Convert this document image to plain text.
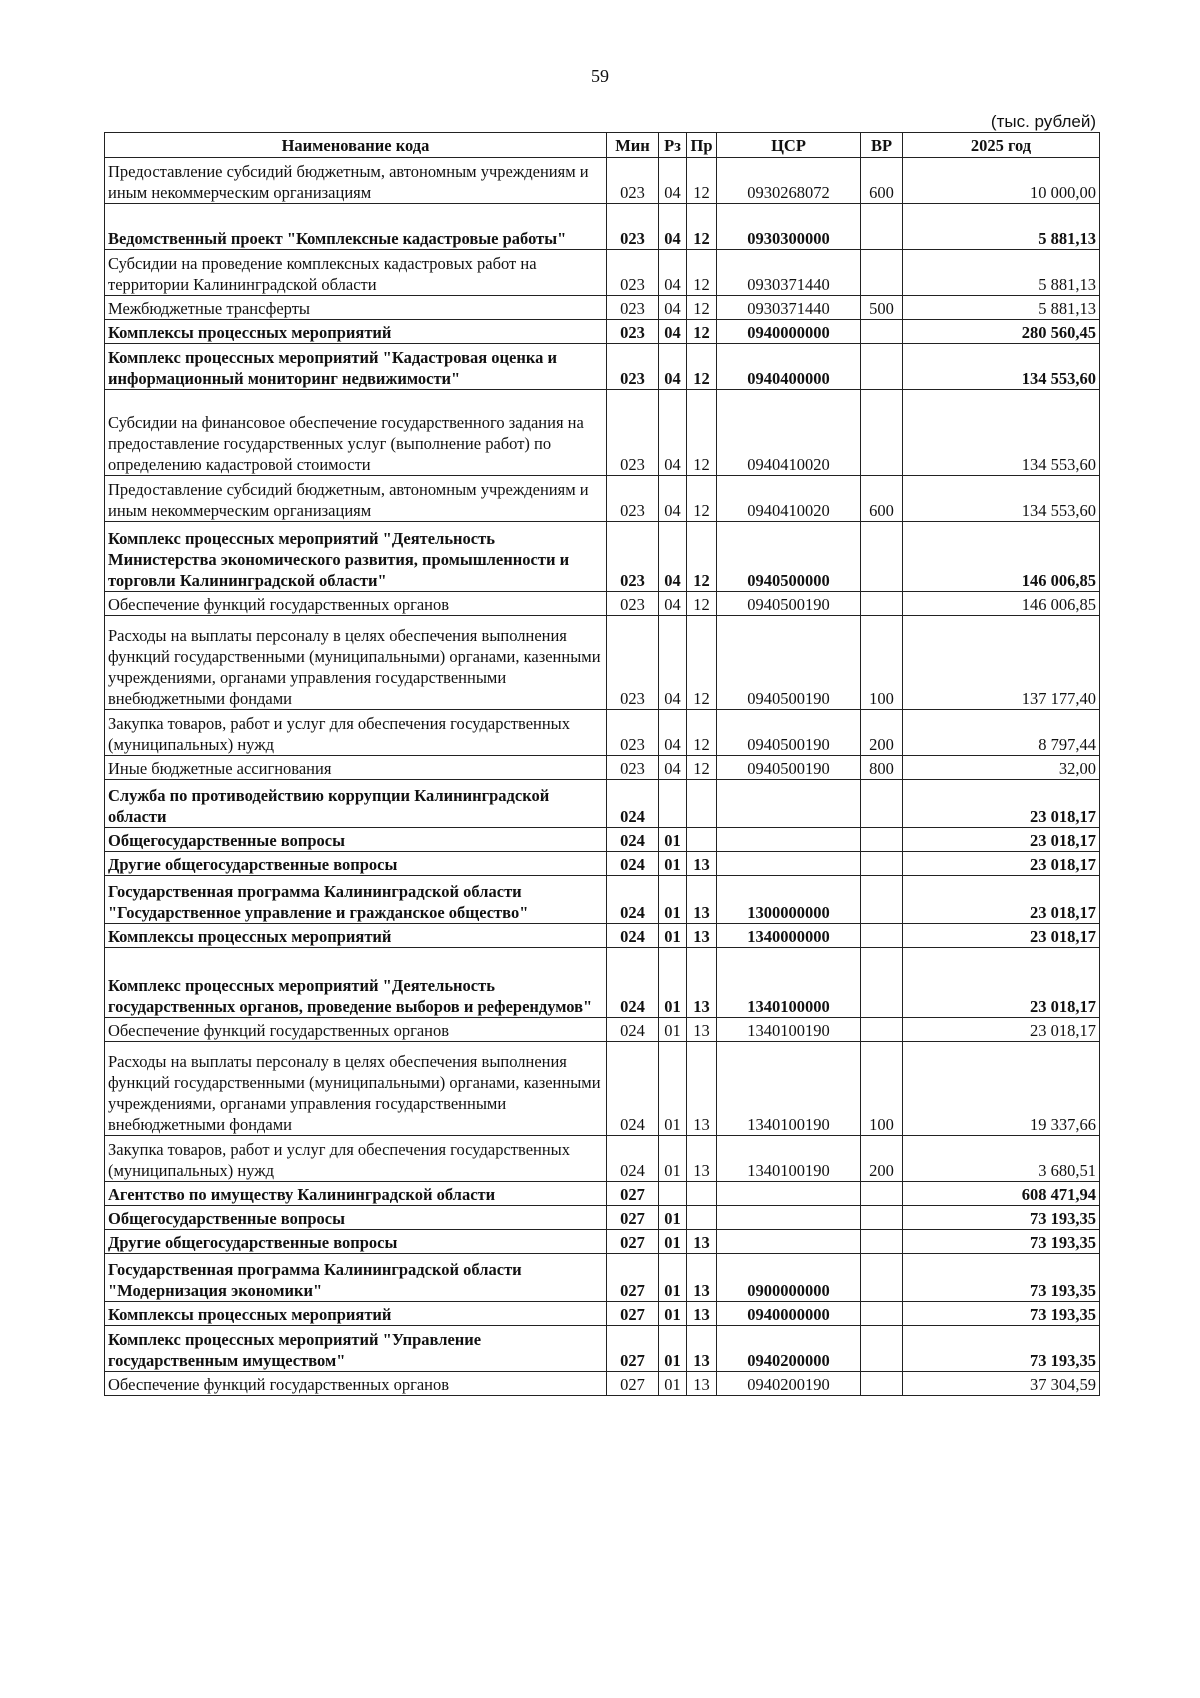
59
(тыс. рублей)
Наименование кода	Мин	Рз	Пр	ЦСР	ВР	2025 год
Предоставление субсидий бюджетным, автономным учреждениям и иным некоммерческим организациям	023	04	12	0930268072	600	10 000,00
Ведомственный проект "Комплексные кадастровые работы"	023	04	12	0930300000		5 881,13
Субсидии на проведение комплексных кадастровых работ на территории Калининградской области	023	04	12	0930371440		5 881,13
Межбюджетные трансферты	023	04	12	0930371440	500	5 881,13
Комплексы процессных мероприятий	023	04	12	0940000000		280 560,45
Комплекс процессных мероприятий "Кадастровая оценка и информационный мониторинг недвижимости"	023	04	12	0940400000		134 553,60
Субсидии на финансовое обеспечение государственного задания на предоставление государственных услуг (выполнение работ) по определению кадастровой стоимости	023	04	12	0940410020		134 553,60
Предоставление субсидий бюджетным, автономным учреждениям и иным некоммерческим организациям	023	04	12	0940410020	600	134 553,60
Комплекс процессных мероприятий "Деятельность Министерства экономического развития, промышленности и торговли Калининградской области"	023	04	12	0940500000		146 006,85
Обеспечение функций государственных органов	023	04	12	0940500190		146 006,85
Расходы на выплаты персоналу в целях обеспечения выполнения функций государственными (муниципальными) органами, казенными учреждениями, органами управления государственными внебюджетными фондами	023	04	12	0940500190	100	137 177,40
Закупка товаров, работ и услуг для обеспечения государственных (муниципальных) нужд	023	04	12	0940500190	200	8 797,44
Иные бюджетные ассигнования	023	04	12	0940500190	800	32,00
Служба по противодействию коррупции Калининградской области	024					23 018,17
Общегосударственные вопросы	024	01				23 018,17
Другие общегосударственные вопросы	024	01	13			23 018,17
Государственная программа Калининградской области "Государственное управление и гражданское общество"	024	01	13	1300000000		23 018,17
Комплексы процессных мероприятий	024	01	13	1340000000		23 018,17
Комплекс процессных мероприятий "Деятельность государственных органов, проведение выборов и референдумов"	024	01	13	1340100000		23 018,17
Обеспечение функций государственных органов	024	01	13	1340100190		23 018,17
Расходы на выплаты персоналу в целях обеспечения выполнения функций государственными (муниципальными) органами, казенными учреждениями, органами управления государственными внебюджетными фондами	024	01	13	1340100190	100	19 337,66
Закупка товаров, работ и услуг для обеспечения государственных (муниципальных) нужд	024	01	13	1340100190	200	3 680,51
Агентство по имуществу Калининградской области	027					608 471,94
Общегосударственные вопросы	027	01				73 193,35
Другие общегосударственные вопросы	027	01	13			73 193,35
Государственная программа Калининградской области "Модернизация экономики"	027	01	13	0900000000		73 193,35
Комплексы процессных мероприятий	027	01	13	0940000000		73 193,35
Комплекс процессных мероприятий "Управление государственным имуществом"	027	01	13	0940200000		73 193,35
Обеспечение функций государственных органов	027	01	13	0940200190		37 304,59
